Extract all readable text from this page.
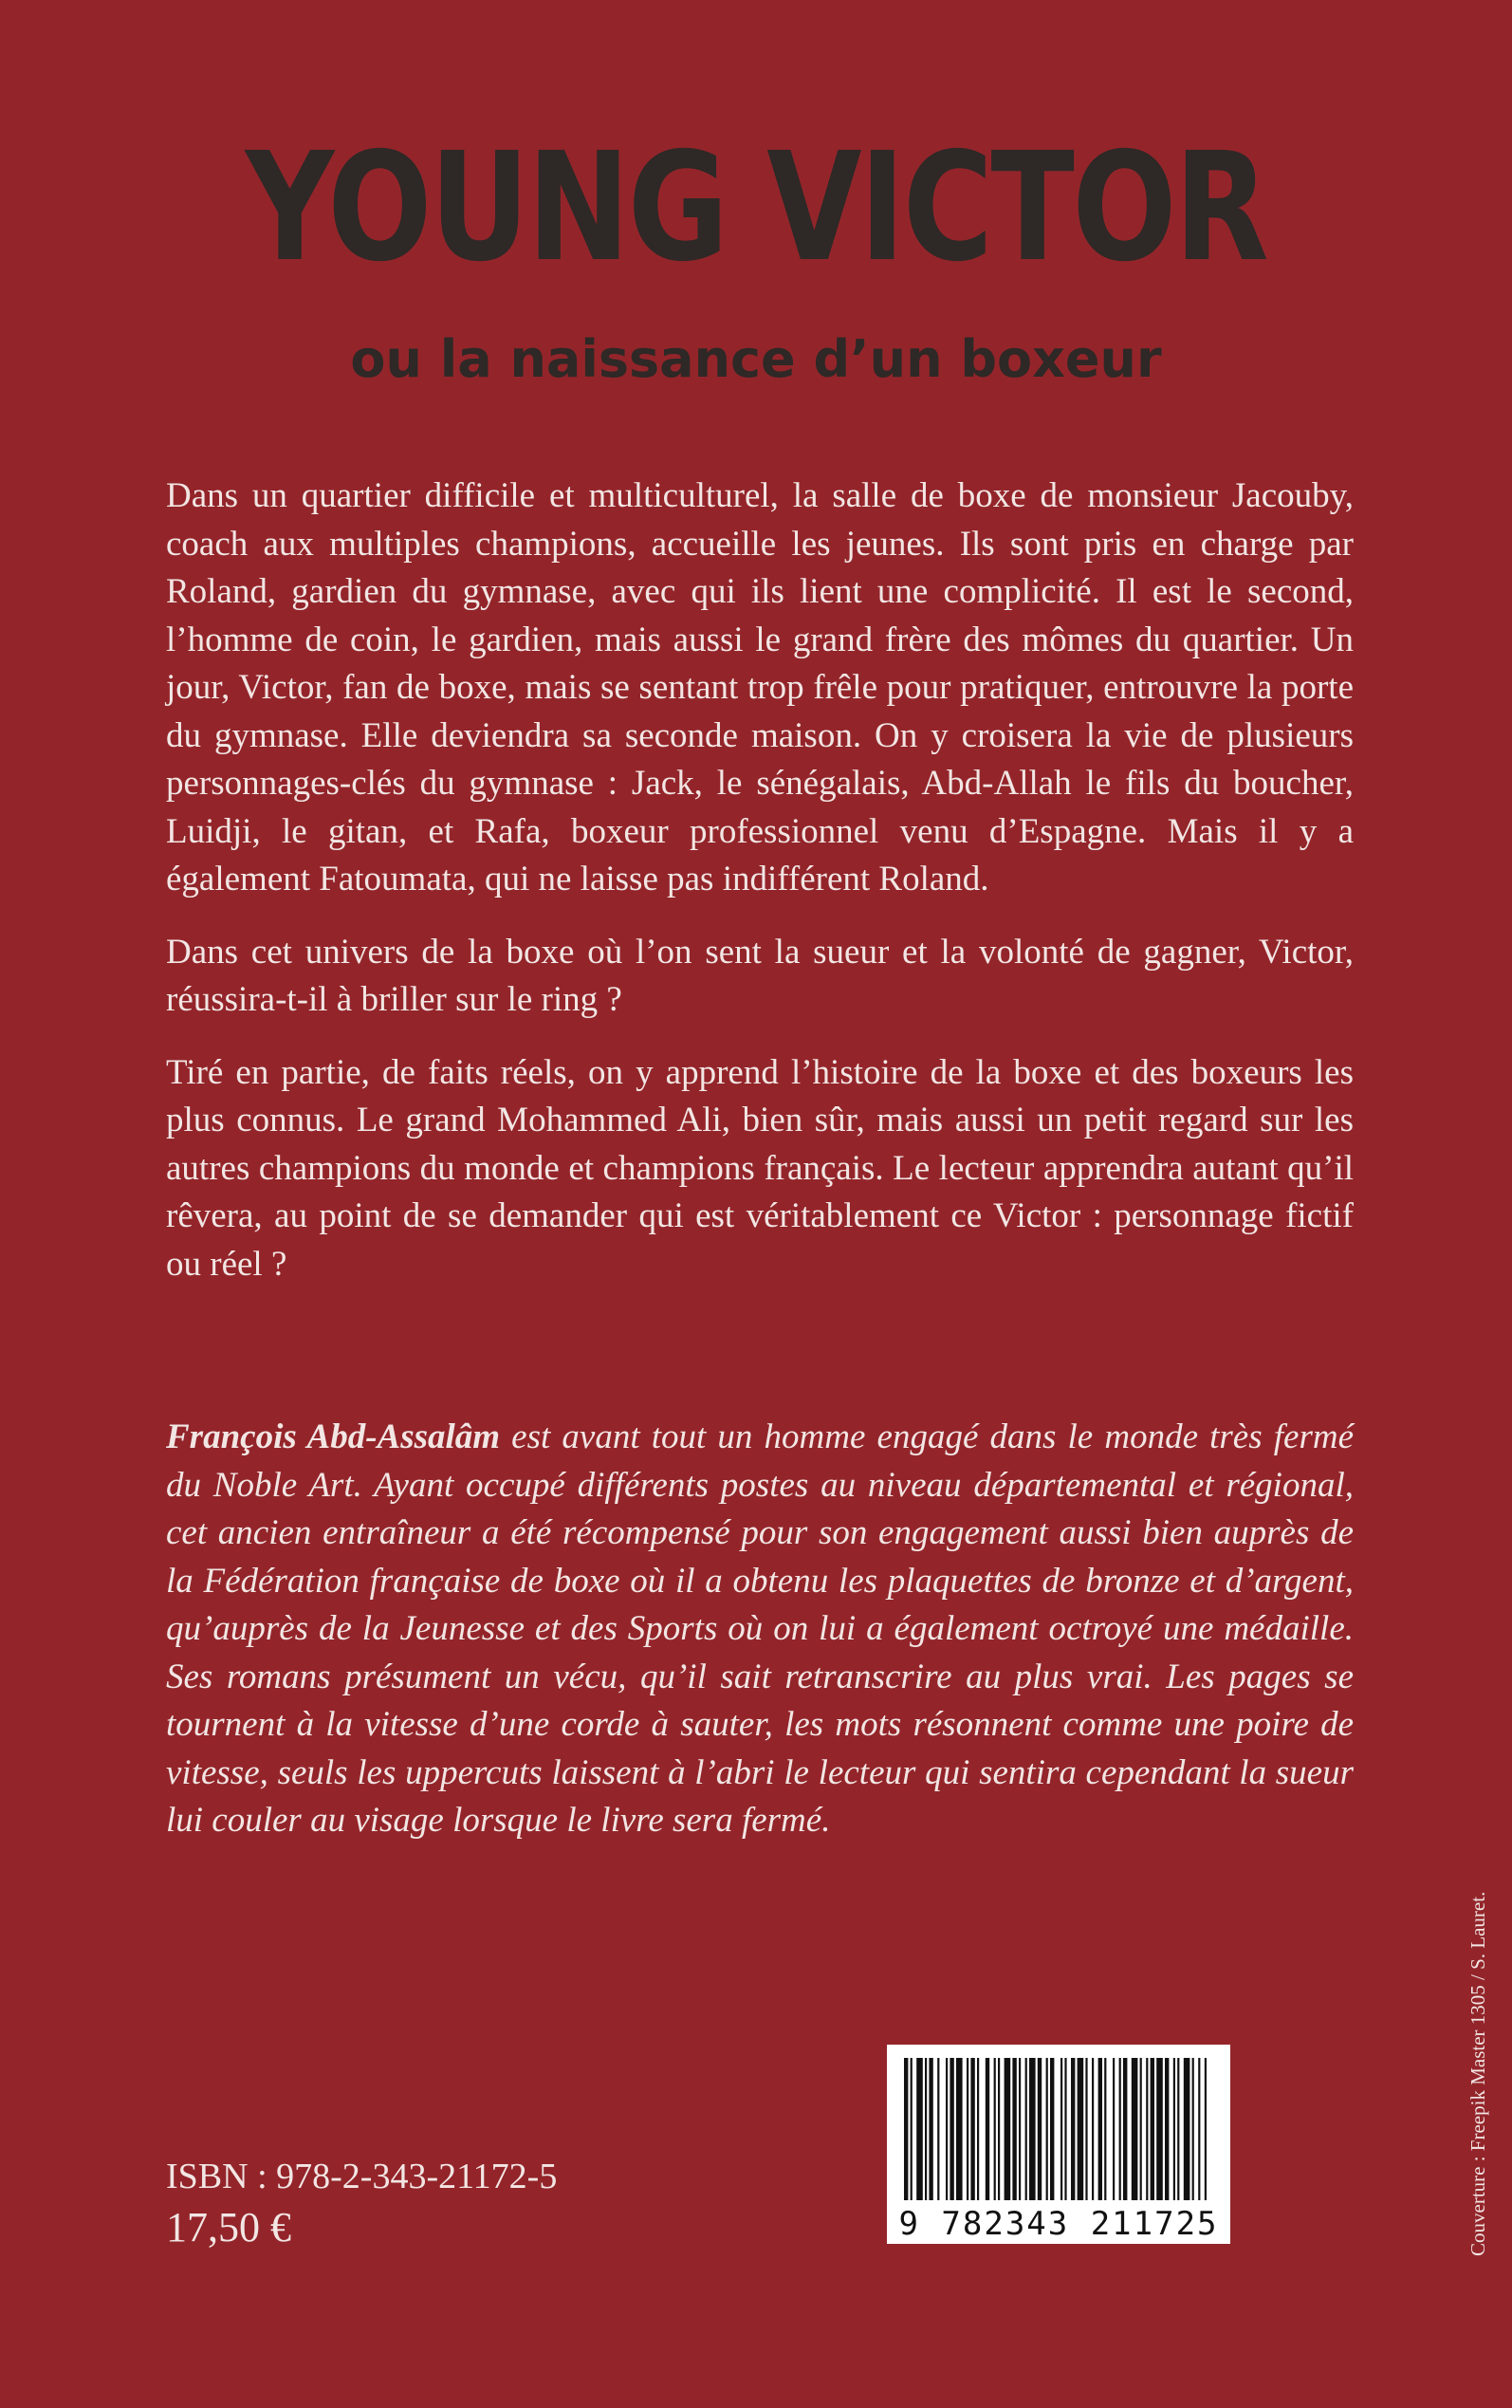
YOUNG VICTOR
ou la naissance d’un boxeur

Dans un quartier difficile et multiculturel, la salle de boxe de monsieur Jacouby, coach aux multiples champions, accueille les jeunes. Ils sont pris en charge par Roland, gardien du gymnase, avec qui ils lient une complicité. Il est le second, l’homme de coin, le gardien, mais aussi le grand frère des mômes du quartier. Un jour, Victor, fan de boxe, mais se sentant trop frêle pour pratiquer, entrouvre la porte du gymnase. Elle deviendra sa seconde maison. On y croisera la vie de plusieurs personnages-clés du gymnase : Jack, le sénégalais, Abd-Allah le fils du boucher, Luidji, le gitan, et Rafa, boxeur professionnel venu d’Espagne. Mais il y a également Fatoumata, qui ne laisse pas indifférent Roland.

Dans cet univers de la boxe où l’on sent la sueur et la volonté de gagner, Victor, réussira-t-il à briller sur le ring ?

Tiré en partie, de faits réels, on y apprend l’histoire de la boxe et des boxeurs les plus connus. Le grand Mohammed Ali, bien sûr, mais aussi un petit regard sur les autres champions du monde et champions français. Le lecteur apprendra autant qu’il rêvera, au point de se demander qui est véritablement ce Victor : personnage fictif ou réel ?

François Abd-Assalâm est avant tout un homme engagé dans le monde très fermé du Noble Art. Ayant occupé différents postes au niveau départemental et régional, cet ancien entraîneur a été récompensé pour son engagement aussi bien auprès de la Fédération française de boxe où il a obtenu les plaquettes de bronze et d’argent, qu’auprès de la Jeunesse et des Sports où on lui a également octroyé une médaille. Ses romans présument un vécu, qu’il sait retranscrire au plus vrai. Les pages se tournent à la vitesse d’une corde à sauter, les mots résonnent comme une poire de vitesse, seuls les uppercuts laissent à l’abri le lecteur qui sentira cependant la sueur lui couler au visage lorsque le livre sera fermé.

ISBN : 978-2-343-21172-5
17,50 €	9 782343 211725	Couverture : Freepik Master 1305 / S. Lauret.
